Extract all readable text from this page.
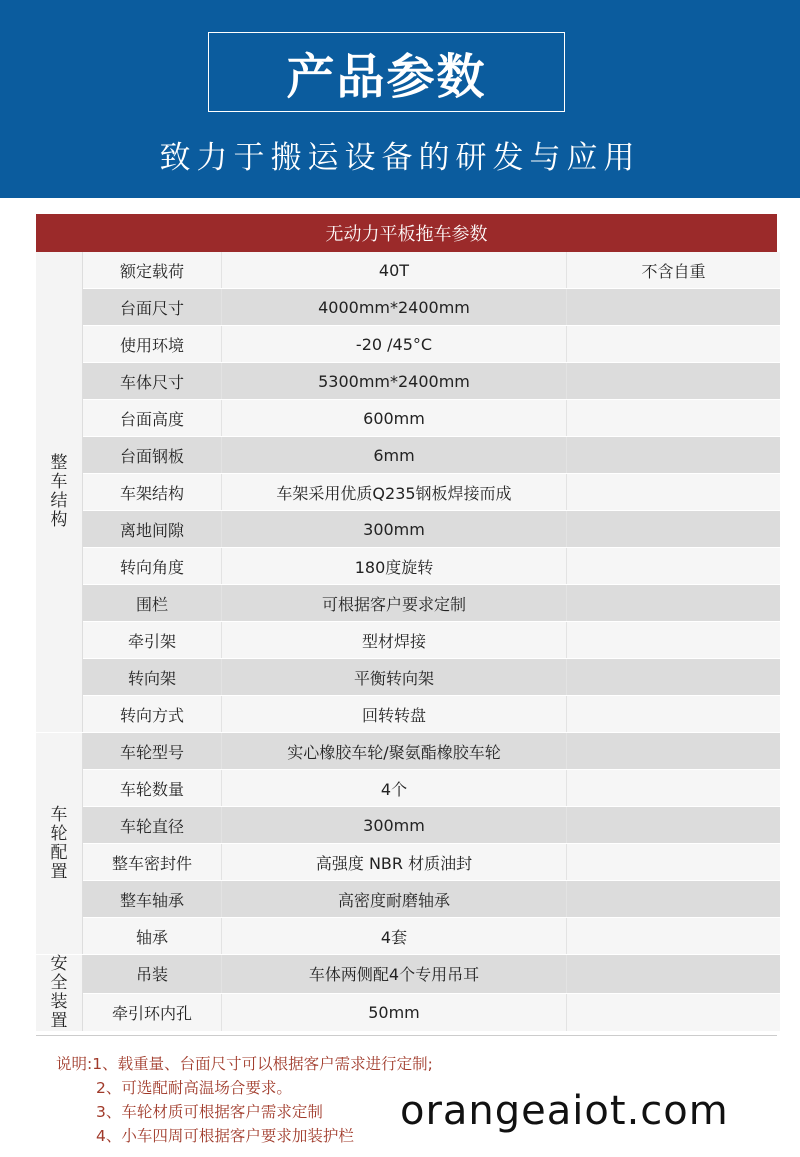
产品参数
致力于搬运设备的研发与应用
无动力平板拖车参数
整车结构	额定载荷	40T	不含自重
	台面尺寸	4000mm*2400mm	
	使用环境	-20 /45°C	
	车体尺寸	5300mm*2400mm	
	台面高度	600mm	
	台面钢板	6mm	
	车架结构	车架采用优质Q235钢板焊接而成	
	离地间隙	300mm	
	转向角度	180度旋转	
	围栏	可根据客户要求定制	
	牵引架	型材焊接	
	转向架	平衡转向架	
	转向方式	回转转盘	
车轮配置	车轮型号	实心橡胶车轮/聚氨酯橡胶车轮	
	车轮数量	4个	
	车轮直径	300mm	
	整车密封件	高强度 NBR 材质油封	
	整车轴承	高密度耐磨轴承	
	轴承	4套	
安全装置	吊装	车体两侧配4个专用吊耳	
	牵引环内孔	50mm	
说明:1、载重量、台面尺寸可以根据客户需求进行定制;
2、可选配耐高温场合要求。
3、车轮材质可根据客户需求定制
4、小车四周可根据客户要求加装护栏
orangeaiot.com
